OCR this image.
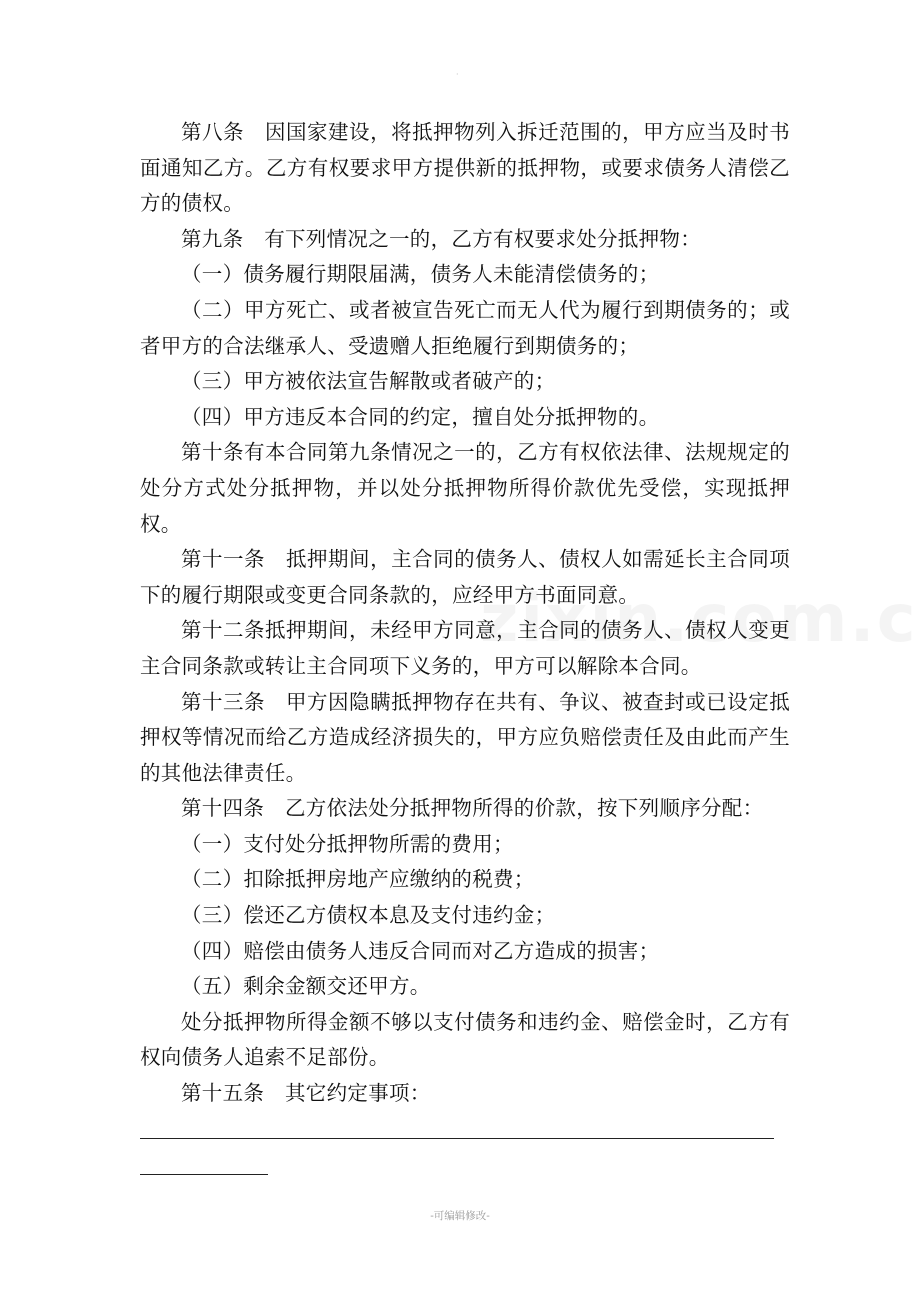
·

第八条　因国家建设，将抵押物列入拆迁范围的，甲方应当及时书面通知乙方。乙方有权要求甲方提供新的抵押物，或要求债务人清偿乙方的债权。

第九条　有下列情况之一的，乙方有权要求处分抵押物：

（一）债务履行期限届满，债务人未能清偿债务的；

（二）甲方死亡、或者被宣告死亡而无人代为履行到期债务的；或者甲方的合法继承人、受遗赠人拒绝履行到期债务的；

（三）甲方被依法宣告解散或者破产的；

（四）甲方违反本合同的约定，擅自处分抵押物的。

第十条有本合同第九条情况之一的，乙方有权依法律、法规规定的处分方式处分抵押物，并以处分抵押物所得价款优先受偿，实现抵押权。

第十一条　抵押期间，主合同的债务人、债权人如需延长主合同项下的履行期限或变更合同条款的，应经甲方书面同意。

第十二条抵押期间，未经甲方同意，主合同的债务人、债权人变更主合同条款或转让主合同项下义务的，甲方可以解除本合同。

第十三条　甲方因隐瞒抵押物存在共有、争议、被查封或已设定抵押权等情况而给乙方造成经济损失的，甲方应负赔偿责任及由此而产生的其他法律责任。

第十四条　乙方依法处分抵押物所得的价款，按下列顺序分配：

（一）支付处分抵押物所需的费用；

（二）扣除抵押房地产应缴纳的税费；

（三）偿还乙方债权本息及支付违约金；

（四）赔偿由债务人违反合同而对乙方造成的损害；

（五）剩余金额交还甲方。

处分抵押物所得金额不够以支付债务和违约金、赔偿金时，乙方有权向债务人追索不足部份。

第十五条　其它约定事项：

-可编辑修改-
